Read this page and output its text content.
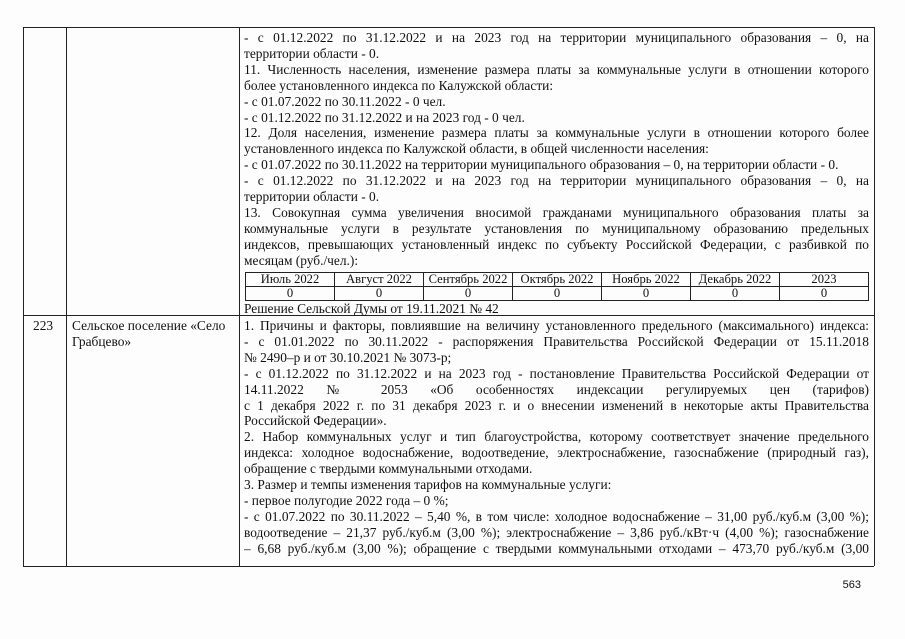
- с 01.12.2022 по 31.12.2022 и на 2023 год на территории муниципального образования – 0, на
территории области - 0.
11. Численность населения, изменение размера платы за коммунальные услуги в отношении которого
более установленного индекса по Калужской области:
- с 01.07.2022 по 30.11.2022 - 0 чел.
- с 01.12.2022 по 31.12.2022 и на 2023 год - 0 чел.
12. Доля населения, изменение размера платы за коммунальные услуги в отношении которого более
установленного индекса по Калужской области, в общей численности населения:
- с 01.07.2022 по 30.11.2022 на территории муниципального образования – 0, на территории области - 0.
- с 01.12.2022 по 31.12.2022 и на 2023 год на территории муниципального образования – 0, на
территории области - 0.
13. Совокупная сумма увеличения вносимой гражданами муниципального образования платы за
коммунальные услуги в результате установления по муниципальному образованию предельных
индексов, превышающих установленный индекс по субъекту Российской Федерации, с разбивкой по
месяцам (руб./чел.):
Июль 2022	Август 2022	Сентябрь 2022	Октябрь 2022	Ноябрь 2022	Декабрь 2022	2023
0	0	0	0	0	0	0
Решение Сельской Думы от 19.11.2021 № 42
223 Сельское поселение «Село
Грабцево»
1. Причины и факторы, повлиявшие на величину установленного предельного (максимального) индекса:
- с 01.01.2022 по 30.11.2022 - распоряжения Правительства Российской Федерации от 15.11.2018
№ 2490–р и от 30.10.2021 № 3073-р;
- с 01.12.2022 по 31.12.2022 и на 2023 год - постановление Правительства Российской Федерации от
14.11.2022 № 2053 «Об особенностях индексации регулируемых цен (тарифов)
с 1 декабря 2022 г. по 31 декабря 2023 г. и о внесении изменений в некоторые акты Правительства
Российской Федерации».
2. Набор коммунальных услуг и тип благоустройства, которому соответствует значение предельного
индекса: холодное водоснабжение, водоотведение, электроснабжение, газоснабжение (природный газ),
обращение с твердыми коммунальными отходами.
3. Размер и темпы изменения тарифов на коммунальные услуги:
- первое полугодие 2022 года – 0 %;
- с 01.07.2022 по 30.11.2022 – 5,40 %, в том числе: холодное водоснабжение – 31,00 руб./куб.м (3,00 %);
водоотведение – 21,37 руб./куб.м (3,00 %); электроснабжение – 3,86 руб./кВт·ч (4,00 %); газоснабжение
– 6,68 руб./куб.м (3,00 %); обращение с твердыми коммунальными отходами – 473,70 руб./куб.м (3,00
563
